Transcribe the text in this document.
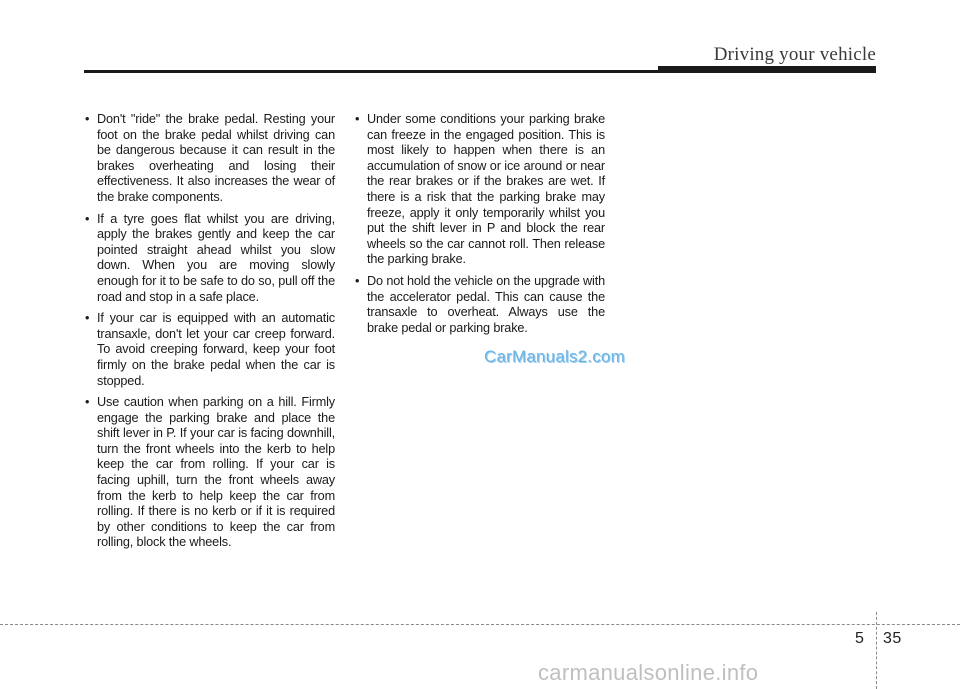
Driving your vehicle

• Don't "ride" the brake pedal. Resting your foot on the brake pedal whilst driving can be dangerous because it can result in the brakes overheating and losing their effectiveness. It also increases the wear of the brake components.

• If a tyre goes flat whilst you are driving, apply the brakes gently and keep the car pointed straight ahead whilst you slow down. When you are moving slowly enough for it to be safe to do so, pull off the road and stop in a safe place.

• If your car is equipped with an automatic transaxle, don't let your car creep forward. To avoid creeping forward, keep your foot firmly on the brake pedal when the car is stopped.

• Use caution when parking on a hill. Firmly engage the parking brake and place the shift lever in P. If your car is facing downhill, turn the front wheels into the kerb to help keep the car from rolling. If your car is facing uphill, turn the front wheels away from the kerb to help keep the car from rolling. If there is no kerb or if it is required by other conditions to keep the car from rolling, block the wheels.

• Under some conditions your parking brake can freeze in the engaged position. This is most likely to happen when there is an accumulation of snow or ice around or near the rear brakes or if the brakes are wet. If there is a risk that the parking brake may freeze, apply it only temporarily whilst you put the shift lever in P and block the rear wheels so the car cannot roll. Then release the parking brake.

• Do not hold the vehicle on the upgrade with the accelerator pedal. This can cause the transaxle to overheat. Always use the brake pedal or parking brake.

CarManuals2.com
5 35
carmanualsonline.info
